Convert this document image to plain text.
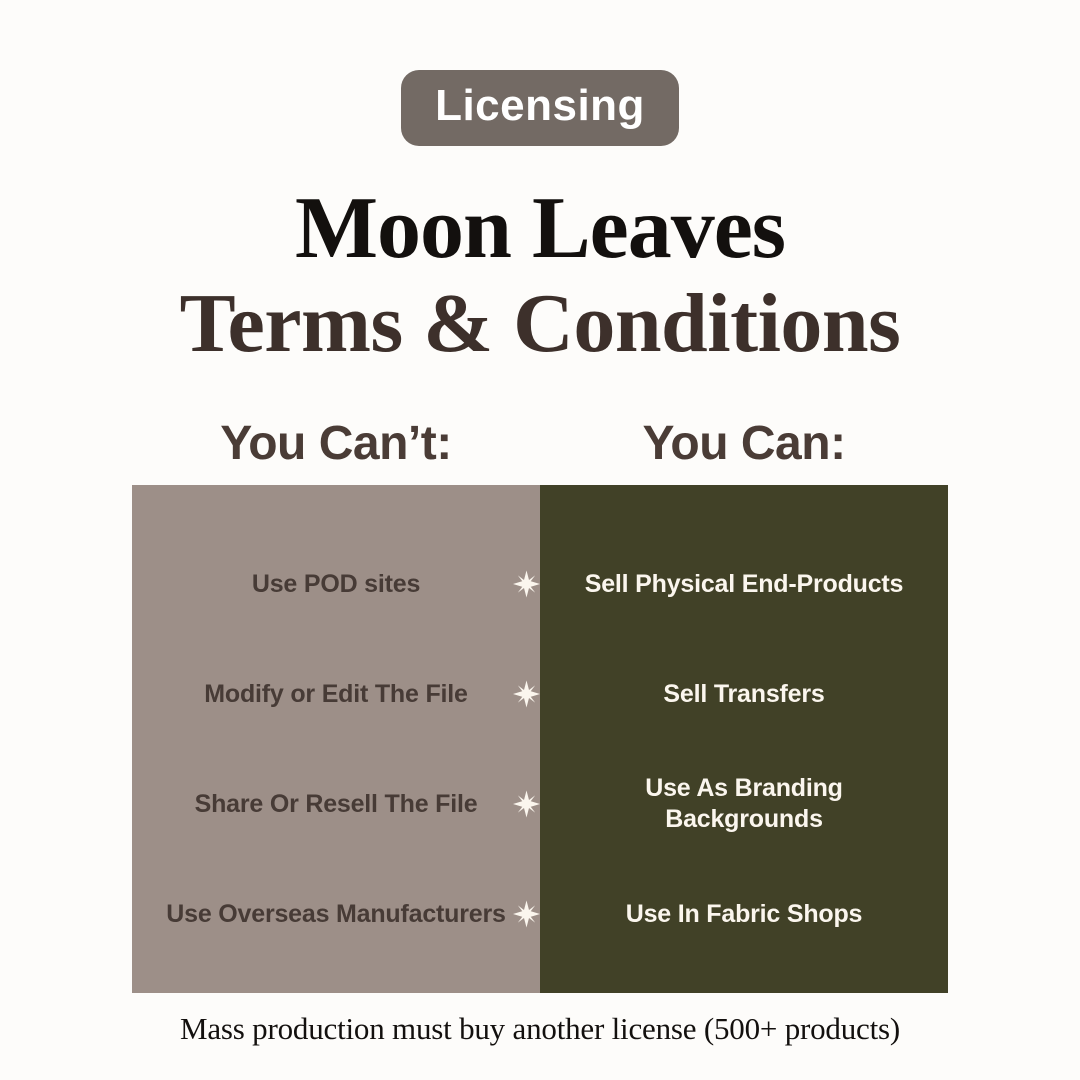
Licensing
Moon Leaves
Terms & Conditions
You Can’t:	You Can:
Use POD sites
Modify or Edit The File
Share Or Resell The File
Use Overseas Manufacturers
Sell Physical End-Products
Sell Transfers
Use As Branding Backgrounds
Use In Fabric Shops
Mass production must buy another license (500+ products)
